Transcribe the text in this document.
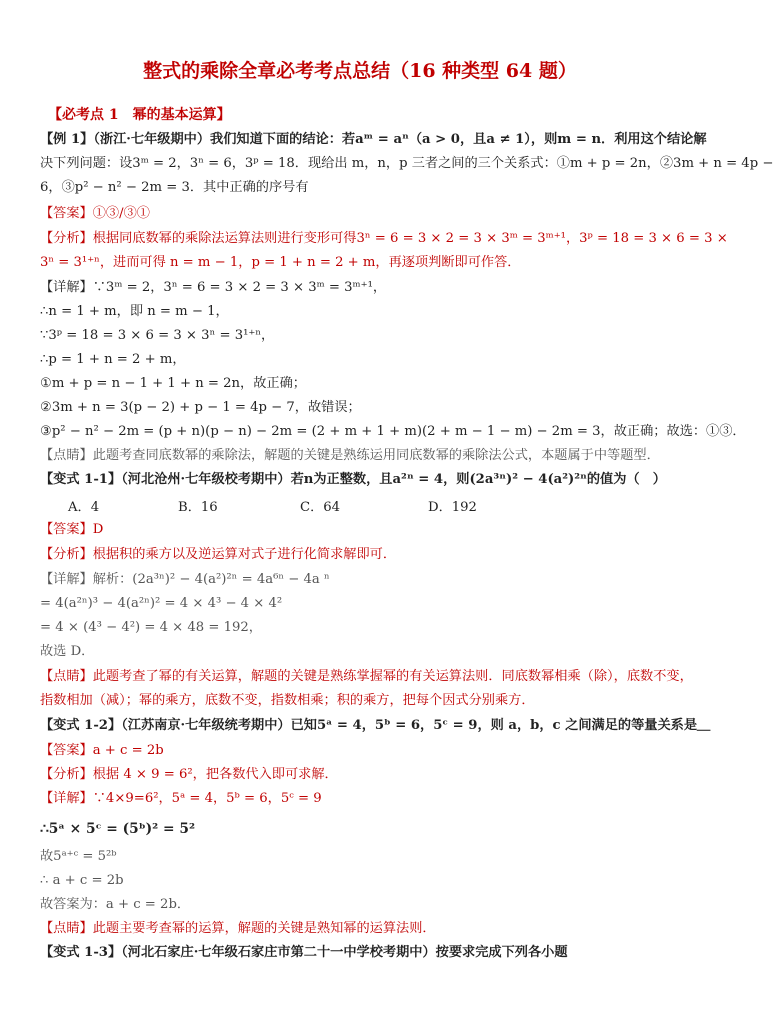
整式的乘除全章必考考点总结（16 种类型 64 题）
【必考点 1　幂的基本运算】
【例 1】（浙江·七年级期中）我们知道下面的结论：若aᵐ = aⁿ（a > 0，且a ≠ 1），则m = n．利用这个结论解
决下列问题：设3ᵐ = 2，3ⁿ = 6，3ᵖ = 18．现给出 m，n，p 三者之间的三个关系式：①m + p = 2n，②3m + n = 4p −
6，③p² − n² − 2m = 3．其中正确的序号有
【答案】①③/③①
【分析】根据同底数幂的乘除法运算法则进行变形可得3ⁿ = 6 = 3 × 2 = 3 × 3ᵐ = 3ᵐ⁺¹，3ᵖ = 18 = 3 × 6 = 3 ×
3ⁿ = 3¹⁺ⁿ，进而可得 n = m − 1，p = 1 + n = 2 + m，再逐项判断即可作答．
【详解】∵3ᵐ = 2，3ⁿ = 6 = 3 × 2 = 3 × 3ᵐ = 3ᵐ⁺¹，
∴n = 1 + m，即 n = m − 1，
∵3ᵖ = 18 = 3 × 6 = 3 × 3ⁿ = 3¹⁺ⁿ，
∴p = 1 + n = 2 + m，
①m + p = n − 1 + 1 + n = 2n，故正确；
②3m + n = 3(p − 2) + p − 1 = 4p − 7，故错误；
③p² − n² − 2m = (p + n)(p − n) − 2m = (2 + m + 1 + m)(2 + m − 1 − m) − 2m = 3，故正确；故选：①③．
【点睛】此题考查同底数幂的乘除法，解题的关键是熟练运用同底数幂的乘除法公式，本题属于中等题型．
【变式 1-1】（河北沧州·七年级校考期中）若n为正整数，且a²ⁿ = 4，则(2a³ⁿ)² − 4(a²)²ⁿ的值为（　）
A．4	B．16	C．64	D．192
【答案】D
【分析】根据积的乘方以及逆运算对式子进行化简求解即可．
【详解】解析：(2a³ⁿ)² − 4(a²)²ⁿ = 4a⁶ⁿ − 4a ⁿ
= 4(a²ⁿ)³ − 4(a²ⁿ)² = 4 × 4³ − 4 × 4²
= 4 × (4³ − 4²) = 4 × 48 = 192，
故选 D．
【点睛】此题考查了幂的有关运算，解题的关键是熟练掌握幂的有关运算法则．同底数幂相乘（除），底数不变，
指数相加（减）；幂的乘方，底数不变，指数相乘；积的乘方，把每个因式分别乘方．
【变式 1-2】（江苏南京·七年级统考期中）已知5ᵃ = 4，5ᵇ = 6，5ᶜ = 9，则 a，b，c 之间满足的等量关系是＿
【答案】a + c = 2b
【分析】根据 4 × 9 = 6²，把各数代入即可求解．
【详解】∵4×9=6²，5ᵃ = 4，5ᵇ = 6，5ᶜ = 9
∴5ᵃ × 5ᶜ = (5ᵇ)² = 5²
故5ᵃ⁺ᶜ = 5²ᵇ
∴ a + c = 2b
故答案为：a + c = 2b．
【点睛】此题主要考查幂的运算，解题的关键是熟知幂的运算法则．
【变式 1-3】（河北石家庄·七年级石家庄市第二十一中学校考期中）按要求完成下列各小题
